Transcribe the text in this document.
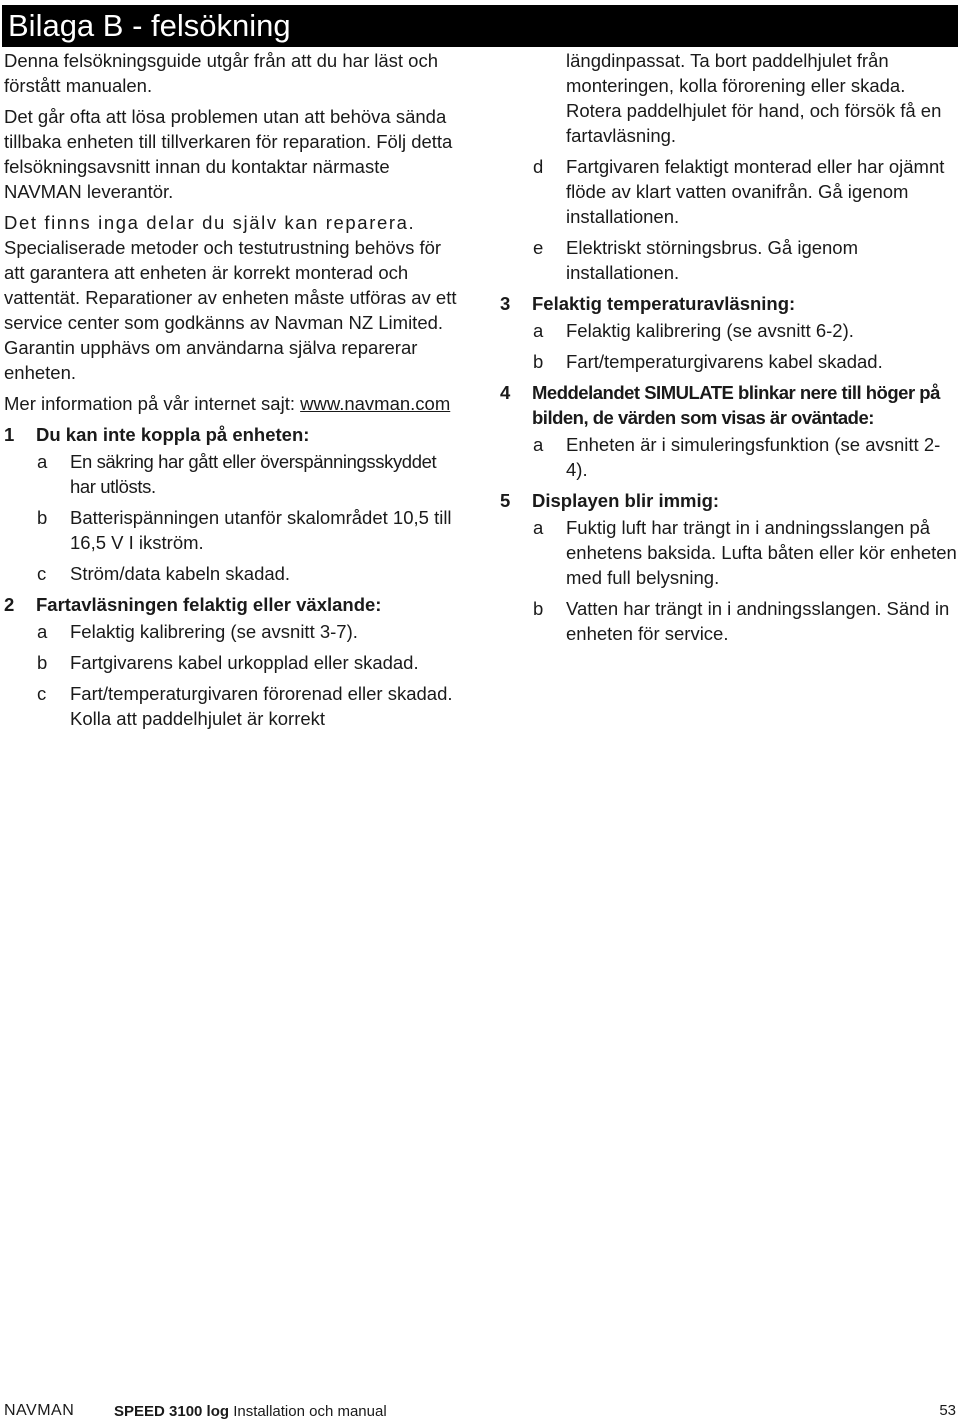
Bilaga B - felsökning

Denna felsökningsguide utgår från att du har läst och förstått manualen.

Det går ofta att lösa problemen utan att behöva sända tillbaka enheten till tillverkaren för reparation. Följ detta felsökningsavsnitt innan du kontaktar närmaste NAVMAN leverantör.

Det finns inga delar du själv kan reparera. Specialiserade metoder och testutrustning behövs för att garantera att enheten är korrekt monterad och vattentät. Reparationer av enheten måste utföras av ett service center som godkänns av Navman NZ Limited. Garantin upphävs om användarna själva reparerar enheten.

Mer information på vår internet sajt: www.navman.com

1	Du kan inte koppla på enheten:
a	En säkring har gått eller överspänningsskyddet har utlösts.
b	Batterispänningen utanför skalområdet 10,5 till 16,5 V I ikström.
c	Ström/data kabeln skadad.
2	Fartavläsningen felaktig eller växlande:
a	Felaktig kalibrering (se avsnitt 3-7).
b	Fartgivarens kabel urkopplad eller skadad.
c	Fart/temperaturgivaren förorenad eller skadad. Kolla att paddelhjulet är korrekt
längdinpassat. Ta bort paddelhjulet från monteringen, kolla förorening eller skada. Rotera paddelhjulet för hand, och försök få en fartavläsning.
d	Fartgivaren felaktigt monterad eller har ojämnt flöde av klart vatten ovanifrån. Gå igenom installationen.
e	Elektriskt störningsbrus. Gå igenom installationen.
3	Felaktig temperaturavläsning:
a	Felaktig kalibrering (se avsnitt 6-2).
b	Fart/temperaturgivarens kabel skadad.
4	Meddelandet SIMULATE blinkar nere till höger på bilden, de värden som visas är oväntade:
a	Enheten är i simuleringsfunktion (se avsnitt 2-4).
5	Displayen blir immig:
a	Fuktig luft har trängt in i andningsslangen på enhetens baksida. Lufta båten eller kör enheten med full belysning.
b	Vatten har trängt in i andningsslangen. Sänd in enheten för service.
NAVMAN	SPEED 3100 log Installation och manual	53
